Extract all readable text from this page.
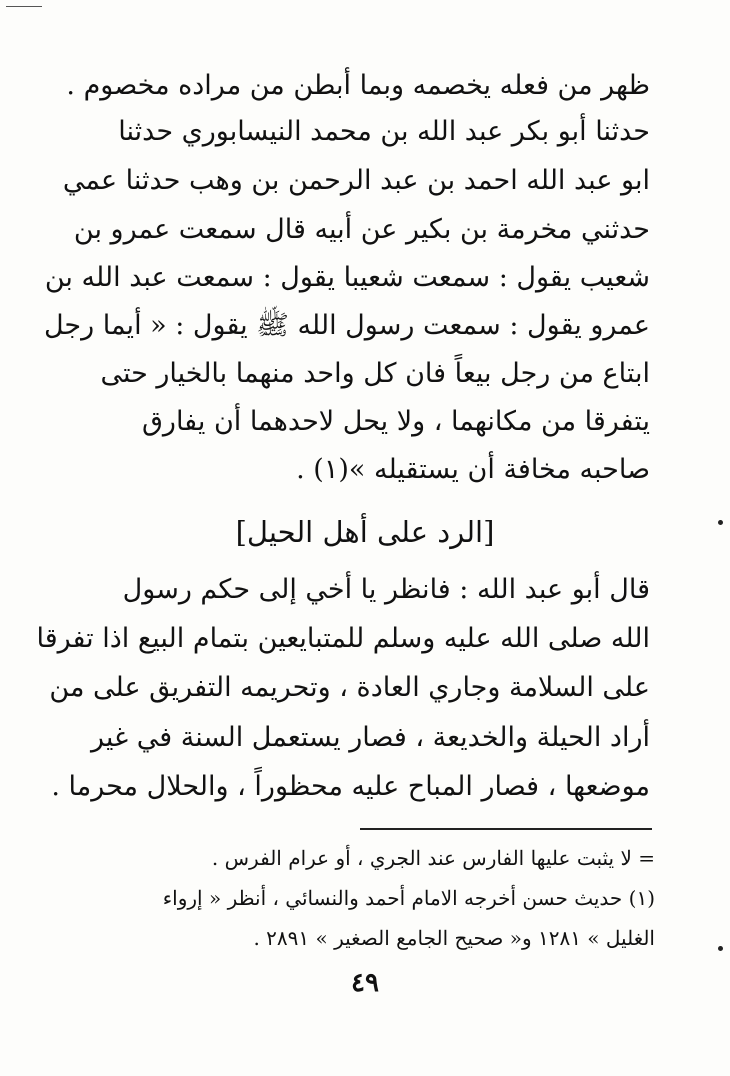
ظهر من فعله يخصمه وبما أبطن من مراده مخصوم .
حدثنا أبو بكر عبد الله بن محمد النيسابوري حدثنا
ابو عبد الله احمد بن عبد الرحمن بن وهب حدثنا عمي
حدثني مخرمة بن بكير عن أبيه قال سمعت عمرو بن
شعيب يقول : سمعت شعيبا يقول : سمعت عبد الله بن
عمرو يقول : سمعت رسول الله ﷺ يقول : « أيما رجل
ابتاع من رجل بيعاً فان كل واحد منهما بالخيار حتى
يتفرقا من مكانهما ، ولا يحل لاحدهما أن يفارق
صاحبه مخافة أن يستقيله »(١) .
[الرد على أهل الحيل]
قال أبو عبد الله : فانظر يا أخي إلى حكم رسول
الله صلى الله عليه وسلم للمتبايعين بتمام البيع اذا تفرقا
على السلامة وجاري العادة ، وتحريمه التفريق على من
أراد الحيلة والخديعة ، فصار يستعمل السنة في غير
موضعها ، فصار المباح عليه محظوراً ، والحلال محرما .
= لا يثبت عليها الفارس عند الجري ، أو عرام الفرس .
(١) حديث حسن أخرجه الامام أحمد والنسائي ، أنظر « إرواء
الغليل » ١٢٨١ و« صحيح الجامع الصغير » ٢٨٩١ .
٤٩
